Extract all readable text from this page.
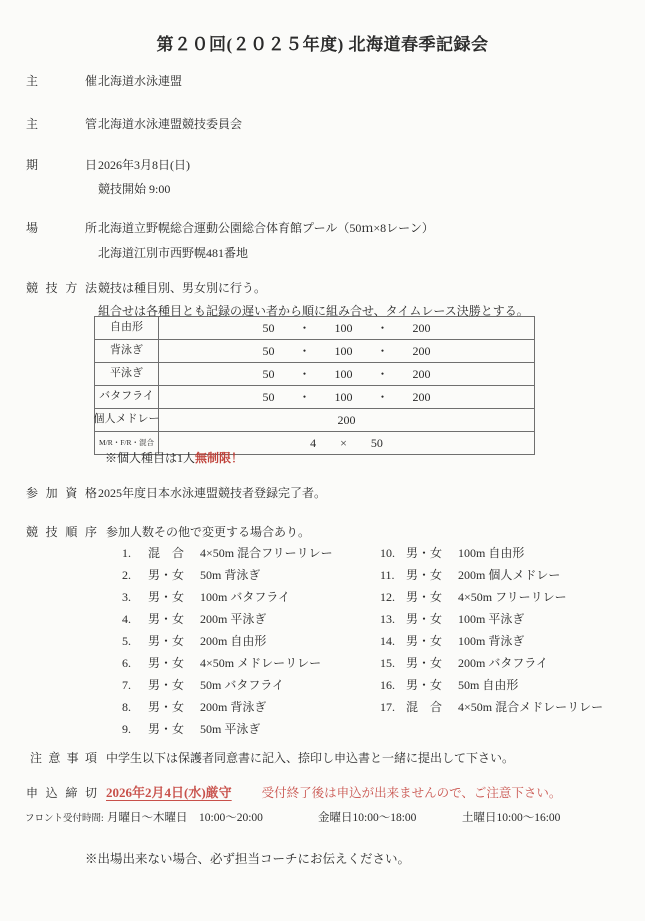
第２０回(２０２５年度) 北海道春季記録会
主　催 北海道水泳連盟
主　管 北海道水泳連盟競技委員会
期　日 2026年3月8日(日)
競技開始 9:00
場　所 北海道立野幌総合運動公園総合体育館プール（50ｍ×8レーン）
北海道江別市西野幌481番地
競技方法 競技は種目別、男女別に行う。
組合せは各種目とも記録の遅い者から順に組み合せ、タイムレース決勝とする。
自由形	50　　・　　100　　・　　200
背泳ぎ	50　　・　　100　　・　　200
平泳ぎ	50　　・　　100　　・　　200
バタフライ	50　　・　　100　　・　　200
個人メドレー	200
M/R・F/R・混合	4　　×　　50
※個人種目は1人無制限！
参加資格 2025年度日本水泳連盟競技者登録完了者。
競技順序 参加人数その他で変更する場合あり。
1.	混　合	4×50m 混合フリーリレー
2.	男・女	50m 背泳ぎ
3.	男・女	100m バタフライ
4.	男・女	200m 平泳ぎ
5.	男・女	200m 自由形
6.	男・女	4×50m メドレーリレー
7.	男・女	50m バタフライ
8.	男・女	200m 背泳ぎ
9.	男・女	50m 平泳ぎ
10. 男・女	100m 自由形
11. 男・女	200m 個人メドレー
12. 男・女	4×50m フリーリレー
13. 男・女	100m 平泳ぎ
14. 男・女	100m 背泳ぎ
15. 男・女	200m バタフライ
16. 男・女	50m 自由形
17. 混　合	4×50m 混合メドレーリレー
注意事項 中学生以下は保護者同意書に記入、捺印し申込書と一緒に提出して下さい。
申込締切 2026年2月4日(水)厳守 受付終了後は申込が出来ませんので、ご注意下さい。
フロント受付時間: 月曜日～木曜日　10:00～20:00	金曜日10:00～18:00	土曜日10:00～16:00
※出場出来ない場合、必ず担当コーチにお伝えください。
